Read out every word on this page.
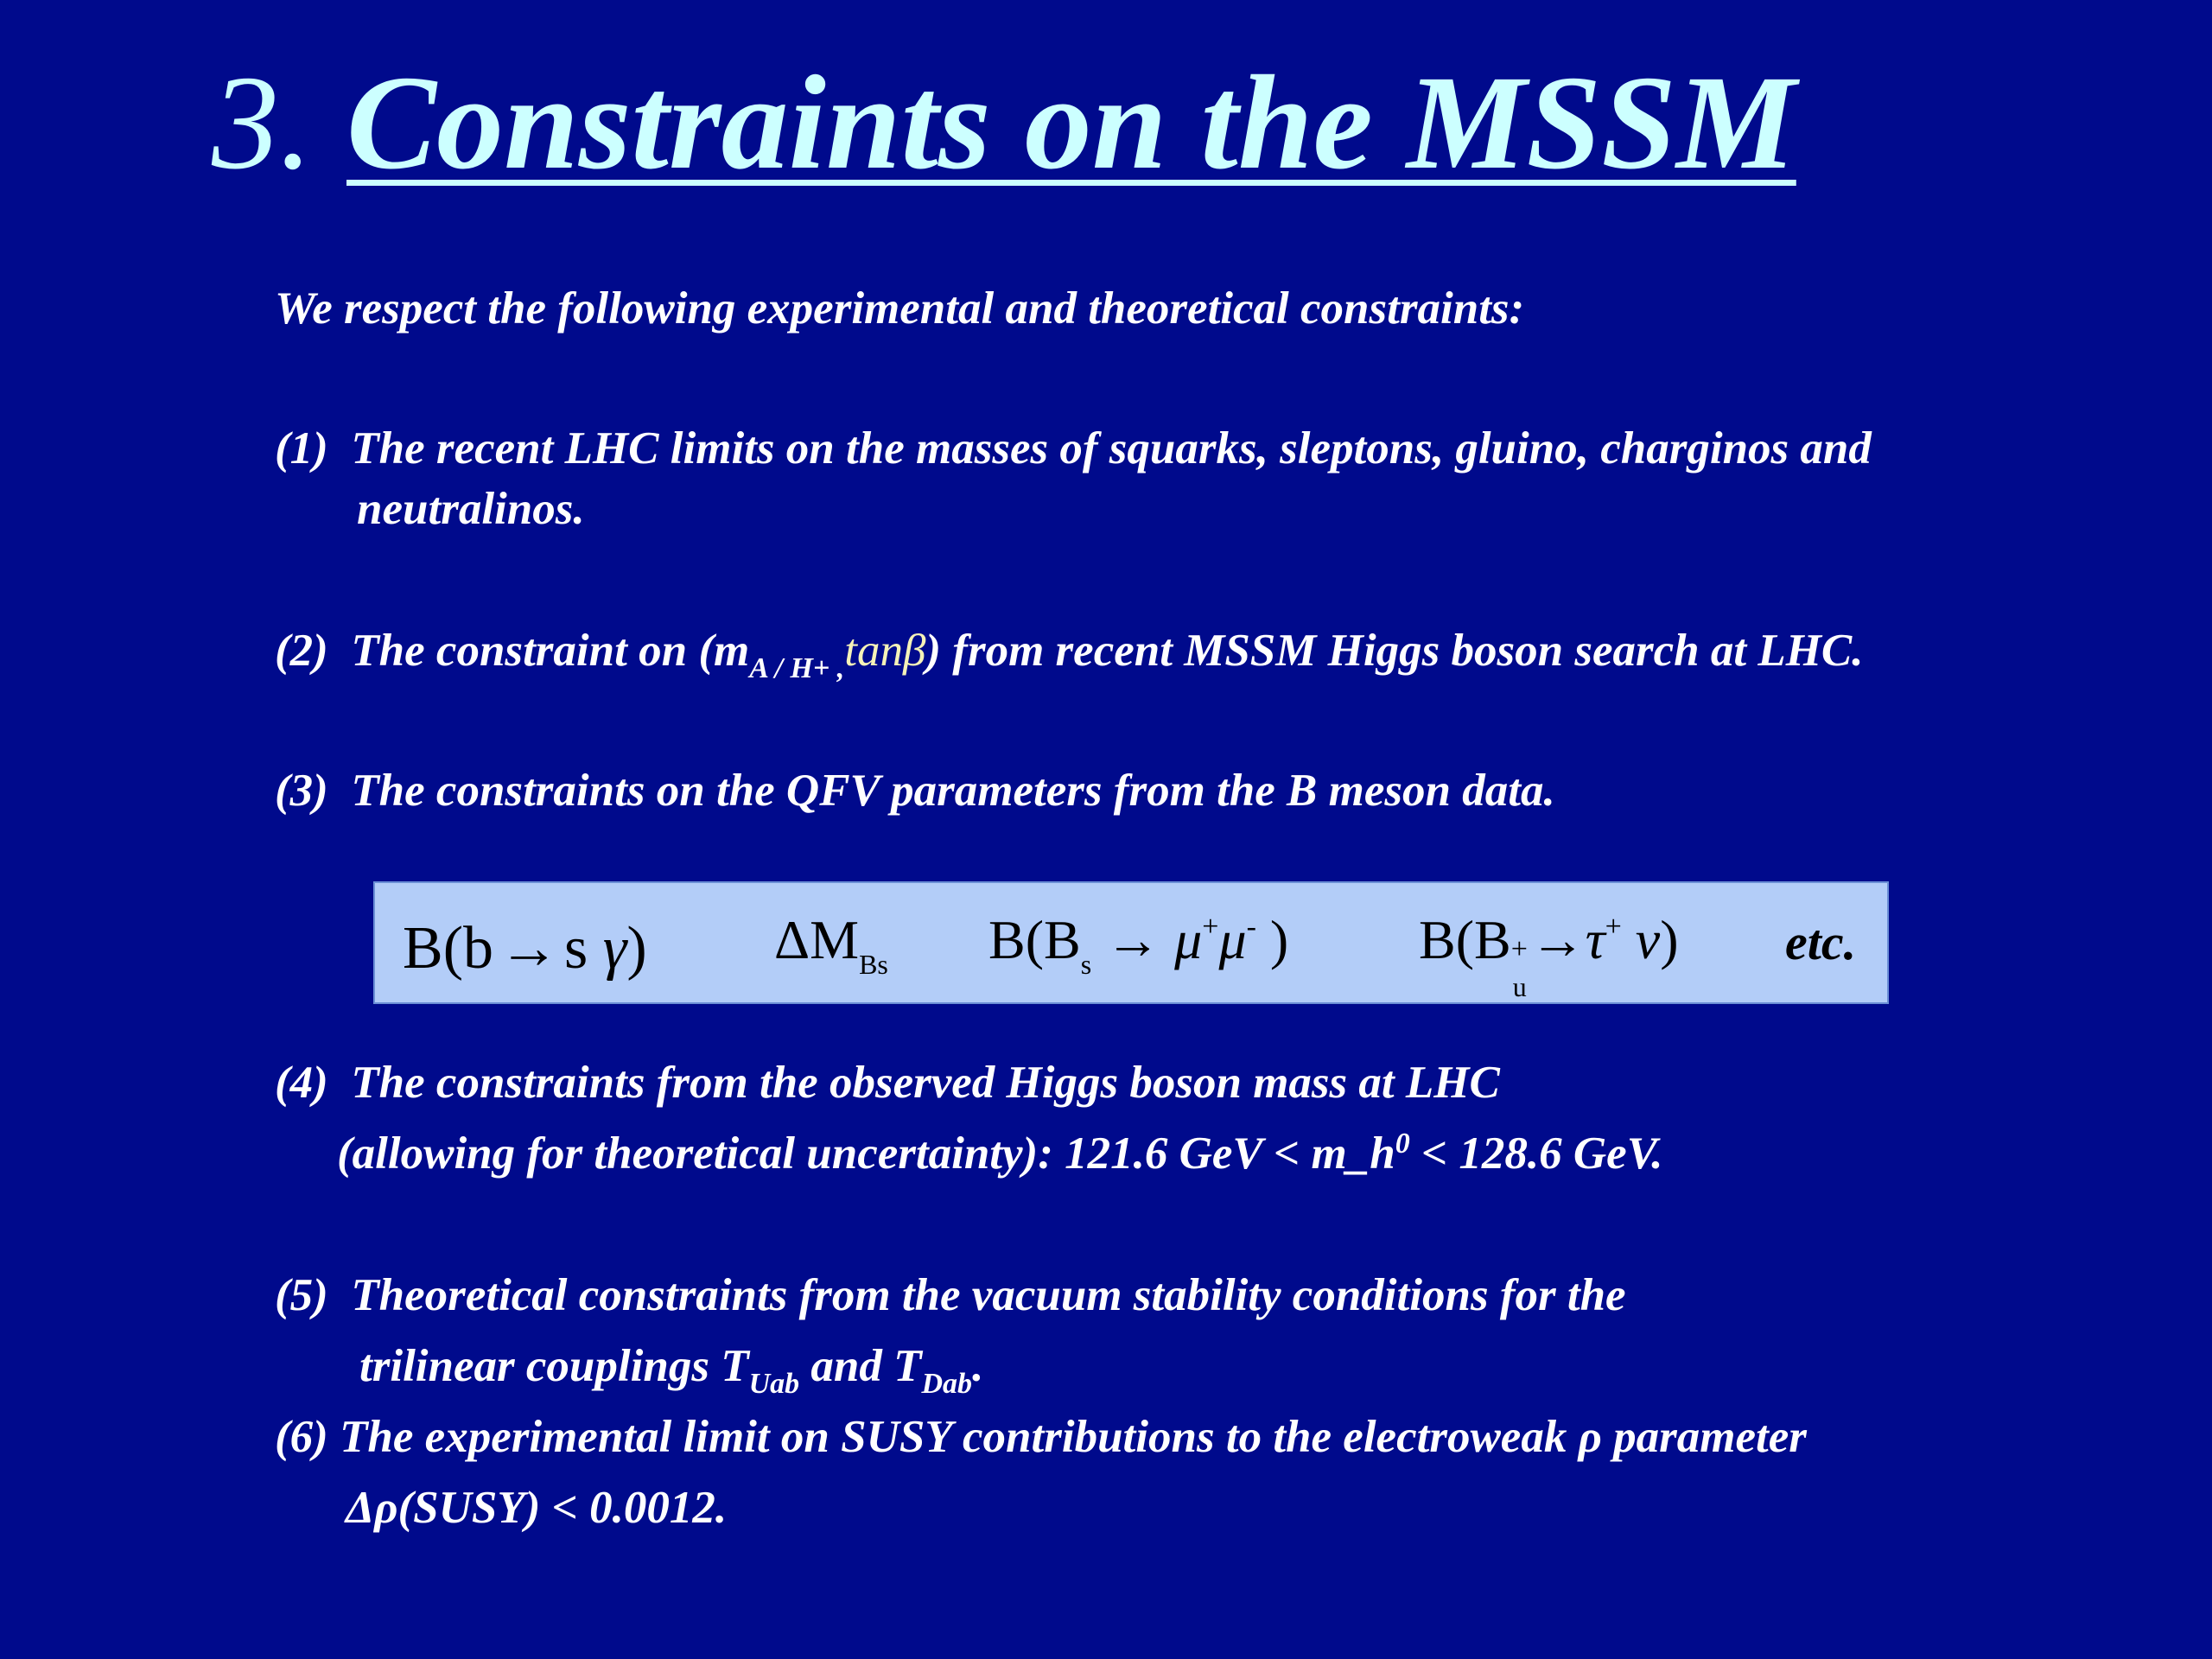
3. Constraints on the MSSM
We respect the following experimental and theoretical constraints:
(1) The recent LHC limits on the masses of squarks, sleptons, gluino, charginos and
neutralinos.
(2) The constraint on $(m_{A / H+ ,}\tan\beta)$ from recent MSSM Higgs boson search at LHC.
(3) The constraints on the QFV parameters from the B meson data.
B(b→s γ) $\Delta M_{Bs}$ $B(B_s \to \mu^+\mu^-$ ) B(B +
u
→τ+ ν) etc.
(4) The constraints from the observed Higgs boson mass at LHC
(allowing for theoretical uncertainty): 121.6 GeV < $m\_h^0 < 128.6$ GeV.
(5) Theoretical constraints from the vacuum stability conditions for the
trilinear couplings $T_{Uab}$ and $T_{Dab}$.
(6) The experimental limit on SUSY contributions to the electroweak ρ parameter
Δρ(SUSY) < 0.0012.
